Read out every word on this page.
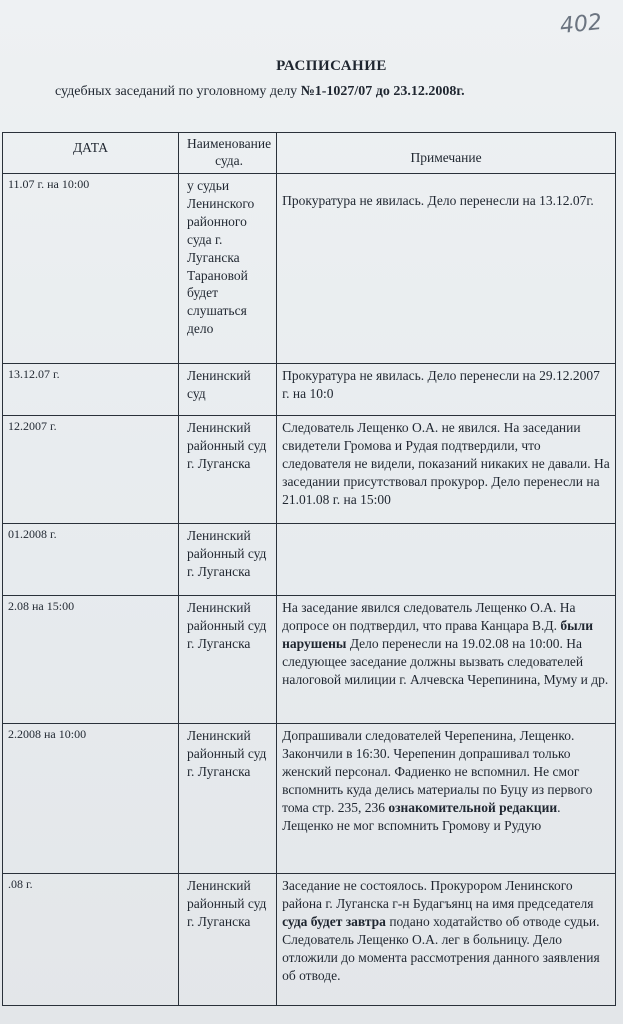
402
РАСПИСАНИЕ
судебных заседаний по уголовному делу №1-1027/07 до 23.12.2008г.
ДАТА	Наименование суда.	Примечание
11.07 г. на 10:00	у судьи Ленинского районного суда г. Луганска Тарановой будет слушаться дело	Прокуратура не явилась. Дело перенесли на 13.12.07г.
13.12.07 г.	Ленинский суд	Прокуратура не явилась. Дело перенесли на 29.12.2007 г. на 10:0
12.2007 г.	Ленинский районный суд г. Луганска	Следователь Лещенко О.А. не явился. На заседании свидетели Громова и Рудая подтвердили, что следователя не видели, показаний никаких не давали. На заседании присутствовал прокурор. Дело перенесли на 21.01.08 г. на 15:00
01.2008 г.	Ленинский районный суд г. Луганска	
2.08 на 15:00	Ленинский районный суд г. Луганска	На заседание явился следователь Лещенко О.А. На допросе он подтвердил, что права Канцара В.Д. были нарушены Дело перенесли на 19.02.08 на 10:00. На следующее заседание должны вызвать следователей налоговой милиции г. Алчевска Черепинина, Муму и др.
2.2008 на 10:00	Ленинский районный суд г. Луганска	Допрашивали следователей Черепенина, Лещенко. Закончили в 16:30. Черепенин допрашивал только женский персонал. Фадиенко не вспомнил. Не смог вспомнить куда делись материалы по Буцу из первого тома стр. 235, 236 ознакомительной редакции. Лещенко не мог вспомнить Громову и Рудую
.08 г.	Ленинский районный суд г. Луганска	Заседание не состоялось. Прокурором Ленинского района г. Луганска г-н Будагъянц на имя председателя суда будет завтра подано ходатайство об отводе судьи. Следователь Лещенко О.А. лег в больницу. Дело отложили до момента рассмотрения данного заявления об отводе.
